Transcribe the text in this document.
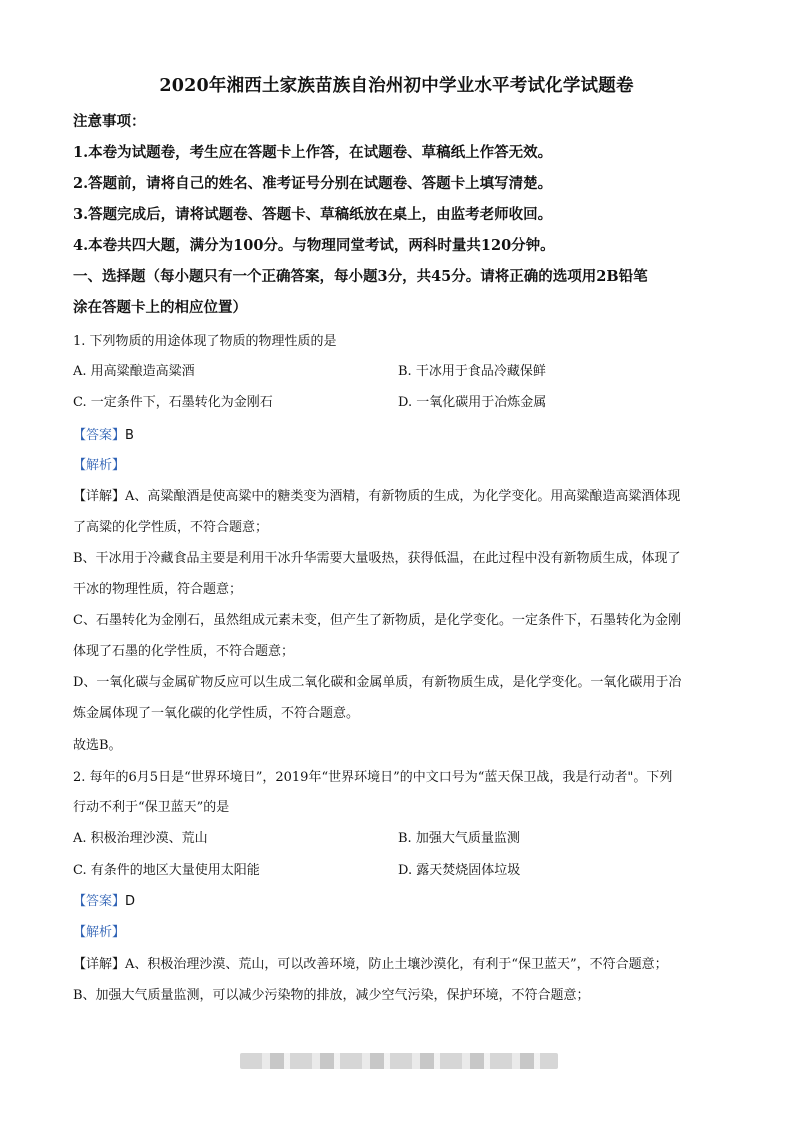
2020年湘西土家族苗族自治州初中学业水平考试化学试题卷
注意事项：
1.本卷为试题卷，考生应在答题卡上作答，在试题卷、草稿纸上作答无效。
2.答题前，请将自己的姓名、准考证号分别在试题卷、答题卡上填写清楚。
3.答题完成后，请将试题卷、答题卡、草稿纸放在桌上，由监考老师收回。
4.本卷共四大题，满分为100分。与物理同堂考试，两科时量共120分钟。
一、选择题（每小题只有一个正确答案，每小题3分，共45分。请将正确的选项用2B铅笔
涂在答题卡上的相应位置）
1. 下列物质的用途体现了物质的物理性质的是
A. 用高粱酿造高粱酒	B. 干冰用于食品冷藏保鲜
C. 一定条件下，石墨转化为金刚石	D. 一氧化碳用于冶炼金属
【答案】B
【解析】
【详解】A、高粱酿酒是使高粱中的糖类变为酒精，有新物质的生成，为化学变化。用高粱酿造高粱酒体现
了高粱的化学性质，不符合题意；
B、干冰用于冷藏食品主要是利用干冰升华需要大量吸热，获得低温，在此过程中没有新物质生成，体现了
干冰的物理性质，符合题意；
C、石墨转化为金刚石，虽然组成元素未变，但产生了新物质，是化学变化。一定条件下，石墨转化为金刚
体现了石墨的化学性质，不符合题意；
D、一氧化碳与金属矿物反应可以生成二氧化碳和金属单质，有新物质生成，是化学变化。一氧化碳用于冶
炼金属体现了一氧化碳的化学性质，不符合题意。
故选B。
2. 每年的6月5日是“世界环境日”，2019年“世界环境日”的中文口号为“蓝天保卫战，我是行动者"。下列
行动不利于“保卫蓝天”的是
A. 积极治理沙漠、荒山	B. 加强大气质量监测
C. 有条件的地区大量使用太阳能	D. 露天焚烧固体垃圾
【答案】D
【解析】
【详解】A、积极治理沙漠、荒山，可以改善环境，防止土壤沙漠化，有利于“保卫蓝天”，不符合题意；
B、加强大气质量监测，可以减少污染物的排放，减少空气污染，保护环境，不符合题意；
